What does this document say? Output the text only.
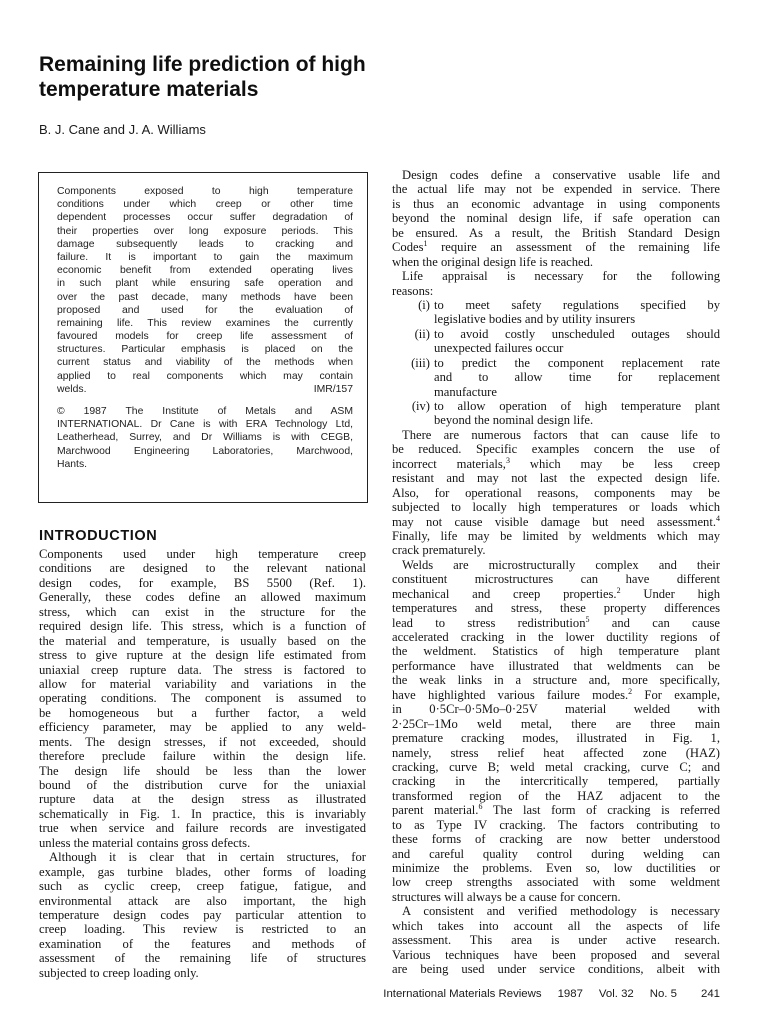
Remaining life prediction of high
temperature materials

B. J. Cane and J. A. Williams

Components exposed to high temperature
conditions under which creep or other time
dependent processes occur suffer degradation of
their properties over long exposure periods. This
damage subsequently leads to cracking and
failure. It is important to gain the maximum
economic benefit from extended operating lives
in such plant while ensuring safe operation and
over the past decade, many methods have been
proposed and used for the evaluation of
remaining life. This review examines the currently
favoured models for creep life assessment of
structures. Particular emphasis is placed on the
current status and viability of the methods when
applied to real components which may contain
welds.	IMR/157
© 1987 The Institute of Metals and ASM
INTERNATIONAL. Dr Cane is with ERA Technology Ltd,
Leatherhead, Surrey, and Dr Williams is with CEGB,
Marchwood Engineering Laboratories, Marchwood,
Hants.
INTRODUCTION
Components used under high temperature creep
conditions are designed to the relevant national
design codes, for example, BS 5500 (Ref. 1).
Generally, these codes define an allowed maximum
stress, which can exist in the structure for the
required design life. This stress, which is a function of
the material and temperature, is usually based on the
stress to give rupture at the design life estimated from
uniaxial creep rupture data. The stress is factored to
allow for material variability and variations in the
operating conditions. The component is assumed to
be homogeneous but a further factor, a weld
efficiency parameter, may be applied to any weld-
ments. The design stresses, if not exceeded, should
therefore preclude failure within the design life.
The design life should be less than the lower
bound of the distribution curve for the uniaxial
rupture data at the design stress as illustrated
schematically in Fig. 1. In practice, this is invariably
true when service and failure records are investigated
unless the material contains gross defects.
Although it is clear that in certain structures, for
example, gas turbine blades, other forms of loading
such as cyclic creep, creep fatigue, fatigue, and
environmental attack are also important, the high
temperature design codes pay particular attention to
creep loading. This review is restricted to an
examination of the features and methods of
assessment of the remaining life of structures
subjected to creep loading only.
Design codes define a conservative usable life and
the actual life may not be expended in service. There
is thus an economic advantage in using components
beyond the nominal design life, if safe operation can
be ensured. As a result, the British Standard Design
Codes$^1$ require an assessment of the remaining life
when the original design life is reached.
Life appraisal is necessary for the following
reasons:
(i) to meet safety regulations specified by
legislative bodies and by utility insurers
(ii) to avoid costly unscheduled outages should
unexpected failures occur
(iii) to predict the component replacement rate
and to allow time for replacement
manufacture
(iv) to allow operation of high temperature plant
beyond the nominal design life.
There are numerous factors that can cause life to
be reduced. Specific examples concern the use of
incorrect materials,$^3$ which may be less creep
resistant and may not last the expected design life.
Also, for operational reasons, components may be
subjected to locally high temperatures or loads which
may not cause visible damage but need assessment.$^4$
Finally, life may be limited by weldments which may
crack prematurely.
Welds are microstructurally complex and their
constituent microstructures can have different
mechanical and creep properties.$^2$ Under high
temperatures and stress, these property differences
lead to stress redistribution$^5$ and can cause
accelerated cracking in the lower ductility regions of
the weldment. Statistics of high temperature plant
performance have illustrated that weldments can be
the weak links in a structure and, more specifically,
have highlighted various failure modes.$^2$ For example,
in 0·5Cr–0·5Mo–0·25V material welded with
2·25Cr–1Mo weld metal, there are three main
premature cracking modes, illustrated in Fig. 1,
namely, stress relief heat affected zone (HAZ)
cracking, curve B; weld metal cracking, curve C; and
cracking in the intercritically tempered, partially
transformed region of the HAZ adjacent to the
parent material.$^6$ The last form of cracking is referred
to as Type IV cracking. The factors contributing to
these forms of cracking are now better understood
and careful quality control during welding can
minimize the problems. Even so, low ductilities or
low creep strengths associated with some weldment
structures will always be a cause for concern.
A consistent and verified methodology is necessary
which takes into account all the aspects of life
assessment. This area is under active research.
Various techniques have been proposed and several
are being used under service conditions, albeit with
International Materials Reviews 1987 Vol. 32 No. 5 241
